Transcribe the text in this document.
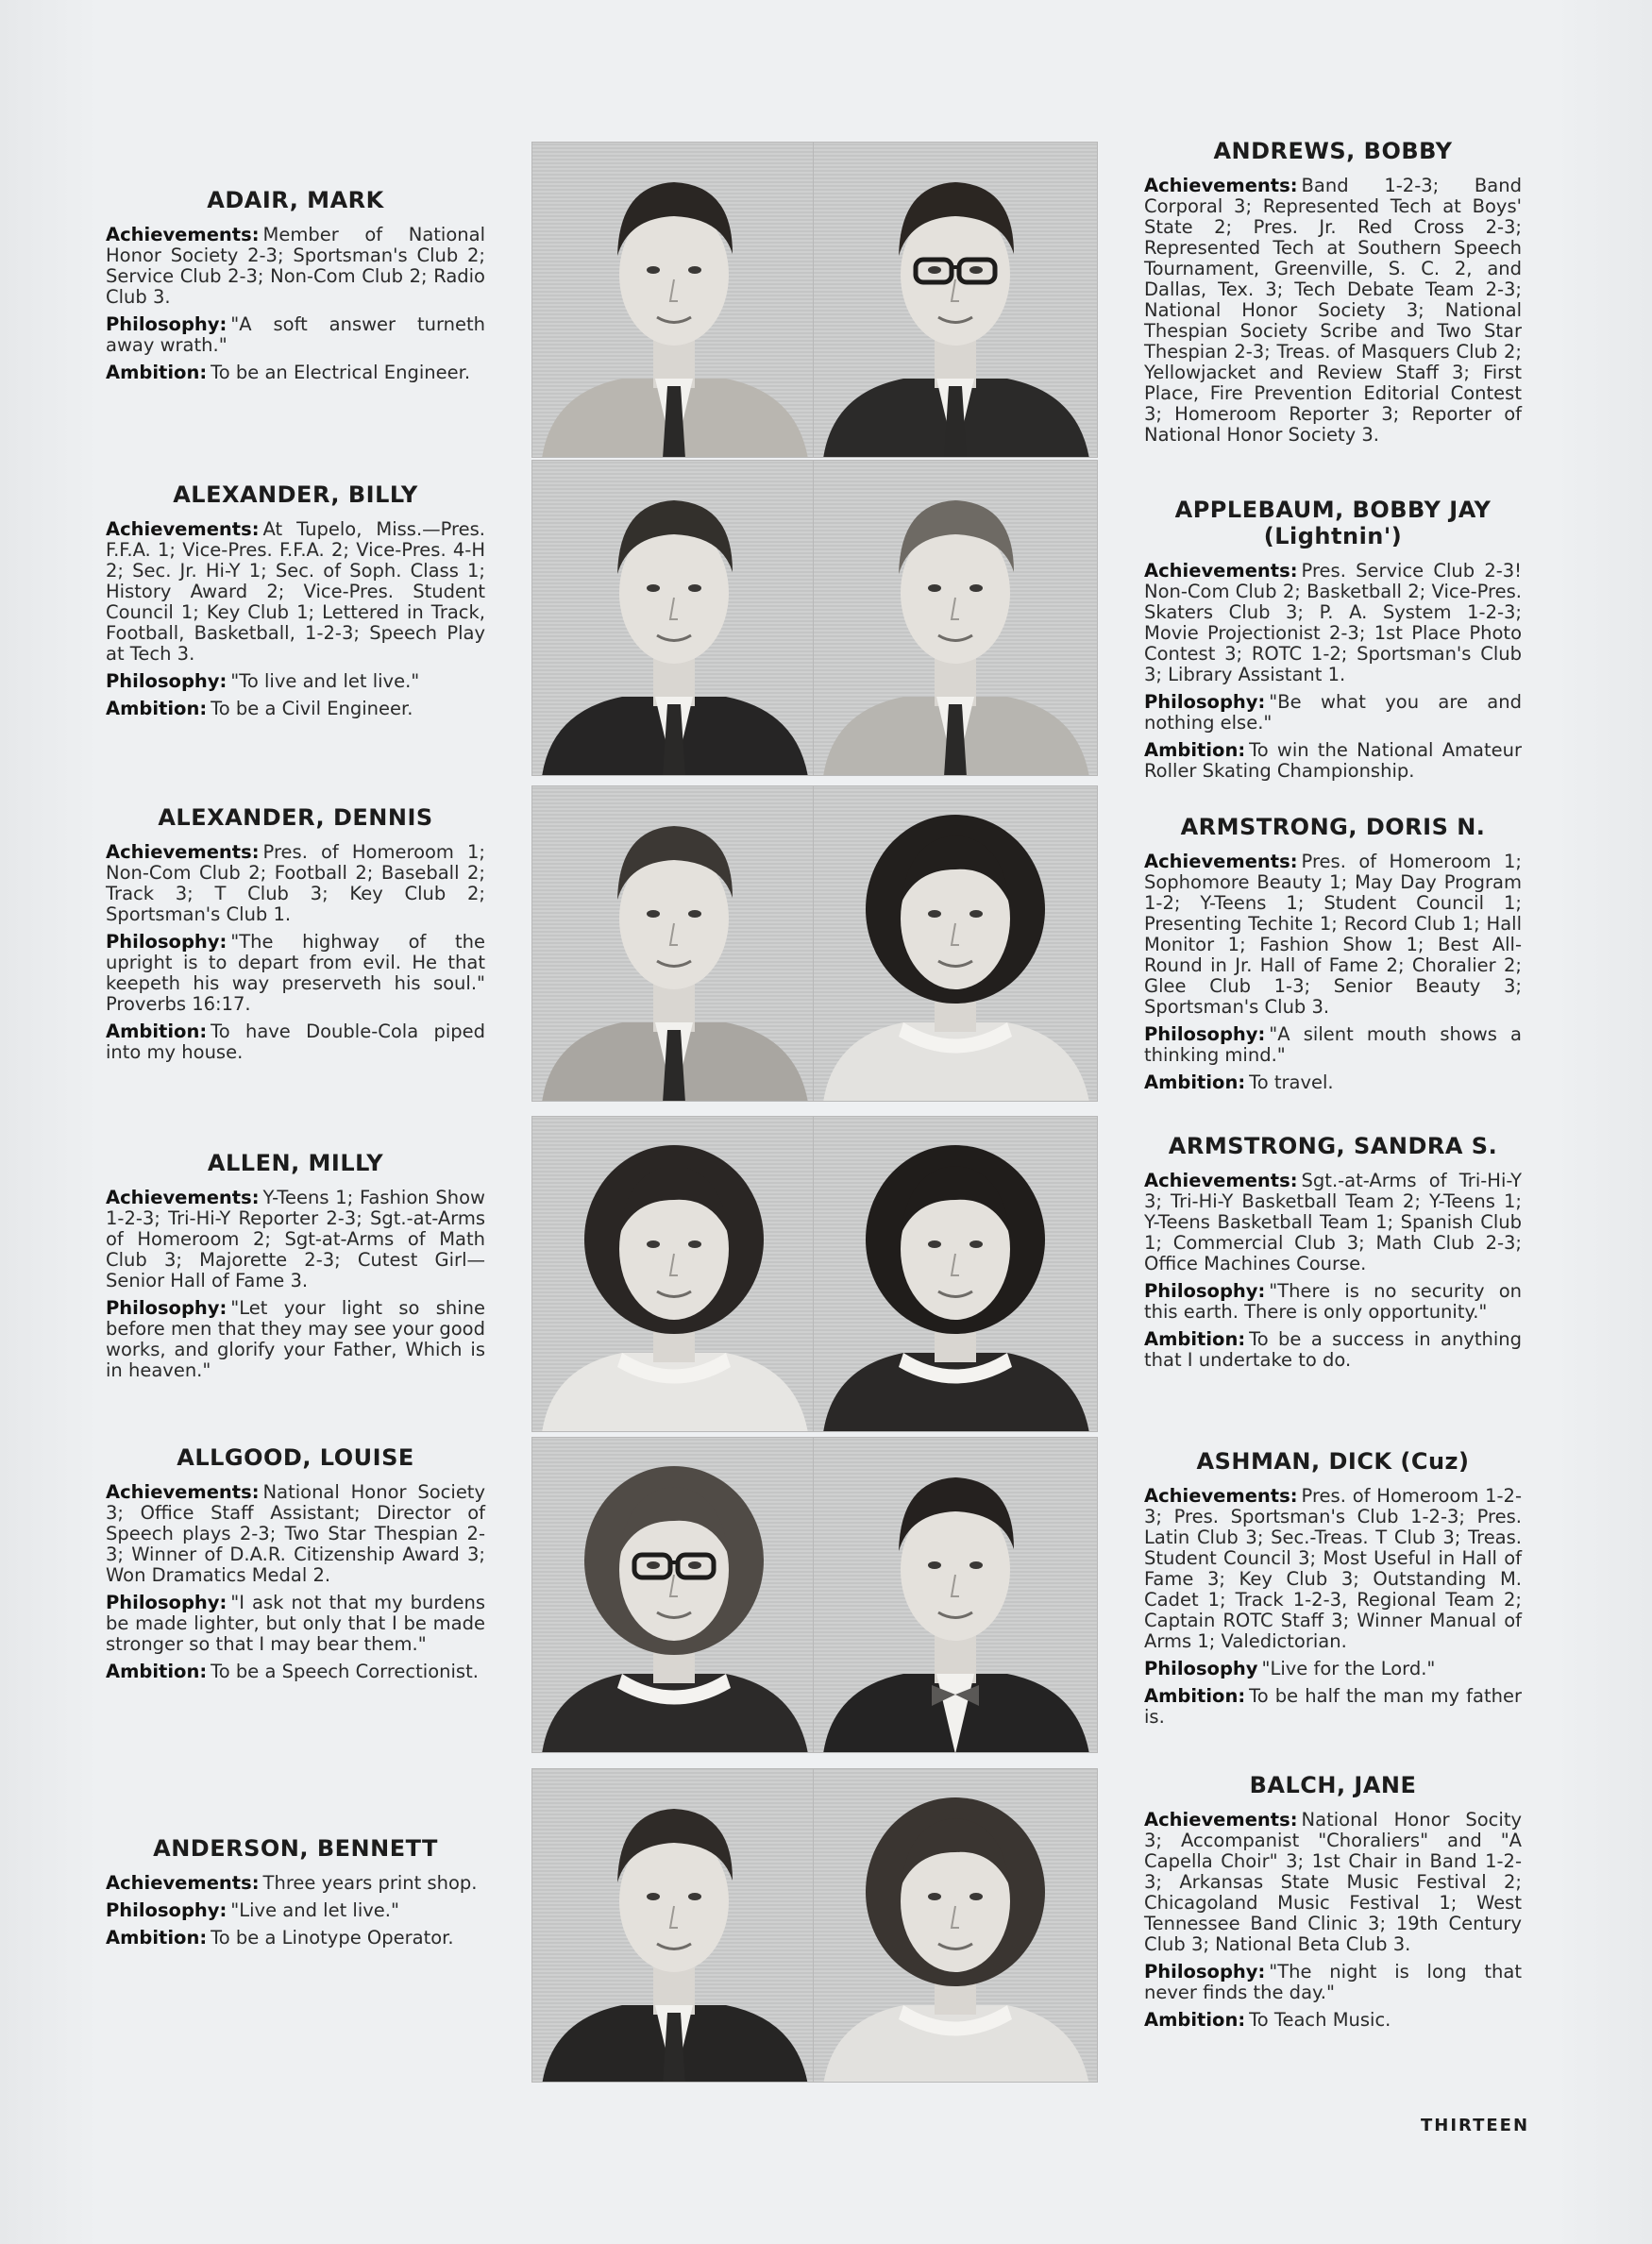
ADAIR, MARK

Achievements: Member of National Honor Society 2-3; Sportsman's Club 2; Service Club 2-3; Non-Com Club 2; Radio Club 3.

Philosophy: "A soft answer turneth away wrath."

Ambition: To be an Electrical Engineer.

ALEXANDER, BILLY

Achievements: At Tupelo, Miss.—Pres. F.F.A. 1; Vice-Pres. F.F.A. 2; Vice-Pres. 4-H 2; Sec. Jr. Hi-Y 1; Sec. of Soph. Class 1; History Award 2; Vice-Pres. Student Council 1; Key Club 1; Lettered in Track, Football, Basketball, 1-2-3; Speech Play at Tech 3.

Philosophy: "To live and let live."

Ambition: To be a Civil Engineer.

ALEXANDER, DENNIS

Achievements: Pres. of Homeroom 1; Non-Com Club 2; Football 2; Baseball 2; Track 3; T Club 3; Key Club 2; Sportsman's Club 1.

Philosophy: "The highway of the upright is to depart from evil. He that keepeth his way preserveth his soul." Proverbs 16:17.

Ambition: To have Double-Cola piped into my house.

ALLEN, MILLY

Achievements: Y-Teens 1; Fashion Show 1-2-3; Tri-Hi-Y Reporter 2-3; Sgt.-at-Arms of Homeroom 2; Sgt-at-Arms of Math Club 3; Majorette 2-3; Cutest Girl—Senior Hall of Fame 3.

Philosophy: "Let your light so shine before men that they may see your good works, and glorify your Father, Which is in heaven."

ALLGOOD, LOUISE

Achievements: National Honor Society 3; Office Staff Assistant; Director of Speech plays 2-3; Two Star Thespian 2-3; Winner of D.A.R. Citizenship Award 3; Won Dramatics Medal 2.

Philosophy: "I ask not that my burdens be made lighter, but only that I be made stronger so that I may bear them."

Ambition: To be a Speech Correctionist.

ANDERSON, BENNETT

Achievements: Three years print shop.

Philosophy: "Live and let live."

Ambition: To be a Linotype Operator.

ANDREWS, BOBBY

Achievements: Band 1-2-3; Band Corporal 3; Represented Tech at Boys' State 2; Pres. Jr. Red Cross 2-3; Represented Tech at Southern Speech Tournament, Greenville, S. C. 2, and Dallas, Tex. 3; Tech Debate Team 2-3; National Honor Society 3; National Thespian Society Scribe and Two Star Thespian 2-3; Treas. of Masquers Club 2; Yellowjacket and Review Staff 3; First Place, Fire Prevention Editorial Contest 3; Homeroom Reporter 3; Reporter of National Honor Society 3.

APPLEBAUM, BOBBY JAY
(Lightnin')

Achievements: Pres. Service Club 2-3! Non-Com Club 2; Basketball 2; Vice-Pres. Skaters Club 3; P. A. System 1-2-3; Movie Projectionist 2-3; 1st Place Photo Contest 3; ROTC 1-2; Sportsman's Club 3; Library Assistant 1.

Philosophy: "Be what you are and nothing else."

Ambition: To win the National Amateur Roller Skating Championship.

ARMSTRONG, DORIS N.

Achievements: Pres. of Homeroom 1; Sophomore Beauty 1; May Day Program 1-2; Y-Teens 1; Student Council 1; Presenting Techite 1; Record Club 1; Hall Monitor 1; Fashion Show 1; Best All-Round in Jr. Hall of Fame 2; Choralier 2; Glee Club 1-3; Senior Beauty 3; Sportsman's Club 3.

Philosophy: "A silent mouth shows a thinking mind."

Ambition: To travel.

ARMSTRONG, SANDRA S.

Achievements: Sgt.-at-Arms of Tri-Hi-Y 3; Tri-Hi-Y Basketball Team 2; Y-Teens 1; Y-Teens Basketball Team 1; Spanish Club 1; Commercial Club 3; Math Club 2-3; Office Machines Course.

Philosophy: "There is no security on this earth. There is only opportunity."

Ambition: To be a success in anything that I undertake to do.

ASHMAN, DICK (Cuz)

Achievements: Pres. of Homeroom 1-2-3; Pres. Sportsman's Club 1-2-3; Pres. Latin Club 3; Sec.-Treas. T Club 3; Treas. Student Council 3; Most Useful in Hall of Fame 3; Key Club 3; Outstanding M. Cadet 1; Track 1-2-3, Regional Team 2; Captain ROTC Staff 3; Winner Manual of Arms 1; Valedictorian.

Philosophy "Live for the Lord."

Ambition: To be half the man my father is.

BALCH, JANE

Achievements: National Honor Socity 3; Accompanist "Choraliers" and "A Capella Choir" 3; 1st Chair in Band 1-2-3; Arkansas State Music Festival 2; Chicagoland Music Festival 1; West Tennessee Band Clinic 3; 19th Century Club 3; National Beta Club 3.

Philosophy: "The night is long that never finds the day."

Ambition: To Teach Music.

THIRTEEN
